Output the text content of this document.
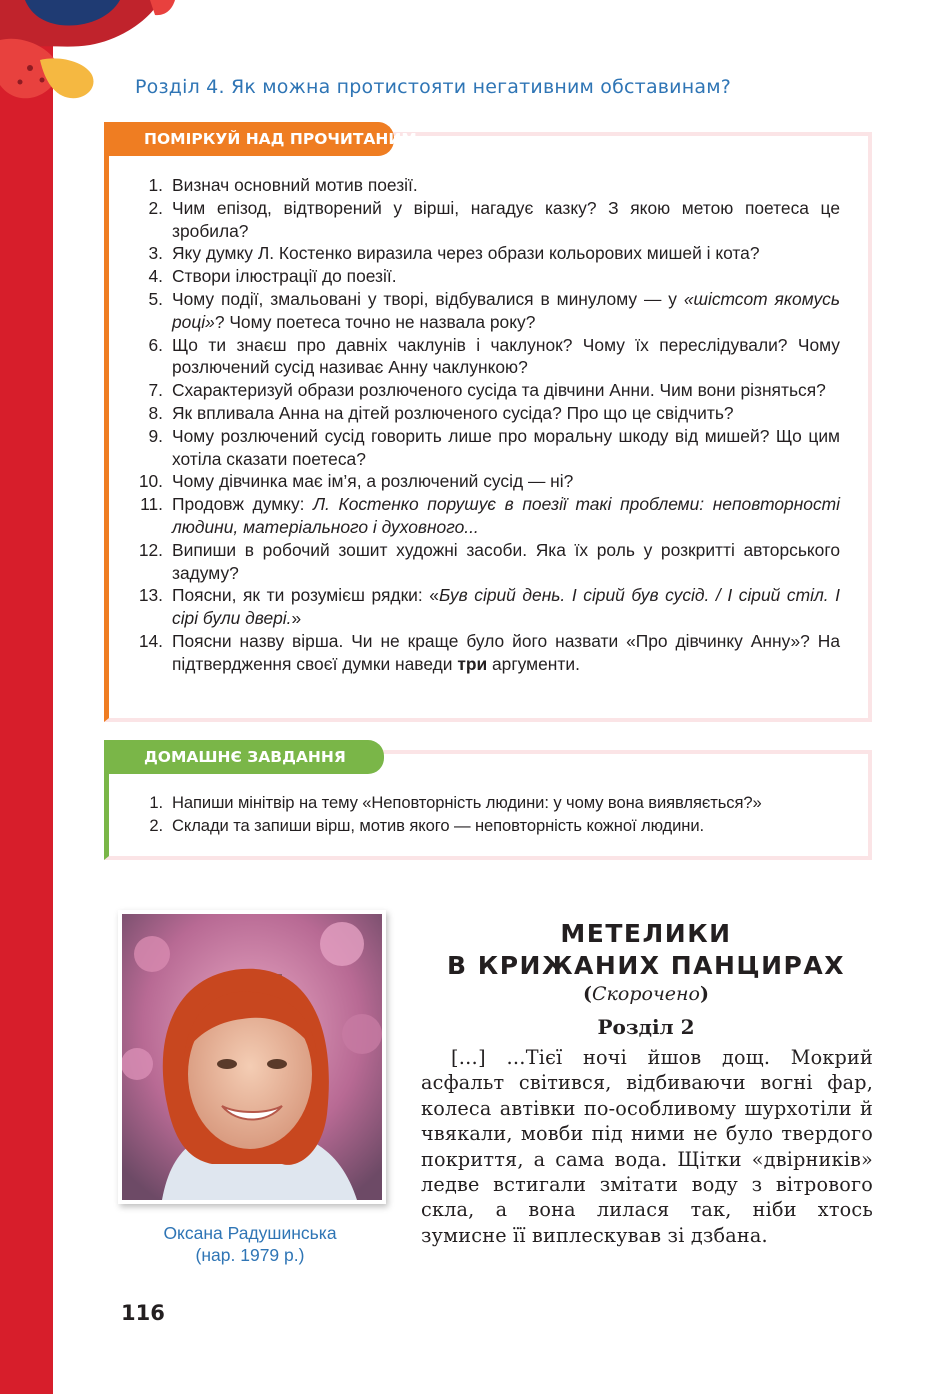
Розділ 4. Як можна протистояти негативним обставинам?
ПОМІРКУЙ НАД ПРОЧИТАНИМ
1. Визнач основний мотив поезії.

2. Чим епізод, відтворений у вірші, нагадує казку? З якою метою поетеса це зробила?

3. Яку думку Л. Костенко виразила через образи кольорових мишей і кота?

4. Створи ілюстрації до поезії.

5. Чому події, змальовані у творі, відбувалися в минулому — у «шістсот якомусь році»? Чому поетеса точно не назвала року?

6. Що ти знаєш про давніх чаклунів і чаклунок? Чому їх переслідували? Чому розлючений сусід називає Анну чаклункою?

7. Схарактеризуй образи розлюченого сусіда та дівчини Анни. Чим вони різняться?

8. Як впливала Анна на дітей розлюченого сусіда? Про що це свідчить?

9. Чому розлючений сусід говорить лише про моральну шкоду від мишей? Що цим хотіла сказати поетеса?

10. Чому дівчинка має ім’я, а розлючений сусід — ні?

11. Продовж думку: Л. Костенко порушує в поезії такі проблеми: неповторності людини, матеріального і духовного...

12. Випиши в робочий зошит художні засоби. Яка їх роль у розкритті авторського задуму?

13. Поясни, як ти розумієш рядки: «Був сірий день. І сірий був сусід. / І сірий стіл. І сірі були двері.»

14. Поясни назву вірша. Чи не краще було його назвати «Про дівчинку Анну»? На підтвердження своєї думки наведи три аргументи.

ДОМАШНЄ ЗАВДАННЯ
1. Напиши мінітвір на тему «Неповторність людини: у чому вона виявляється?»

2. Склади та запиши вірш, мотив якого — неповторність кожної людини.

Оксана Радушинська
(нар. 1979 р.)
МЕТЕЛИКИ
В КРИЖАНИХ ПАНЦИРАХ
(Скорочено)
Розділ 2

[…] …Тієї ночі йшов дощ. Мокрий асфальт світився, відбиваючи вогні фар, колеса автівки по-особливому шурхотіли й чвякали, мовби під ними не було твердого покриття, а сама вода. Щітки «двірників» ледве встигали змітати воду з вітрового скла, а вона лилася так, ніби хтось зумисне її виплескував зі дзбана.

116
